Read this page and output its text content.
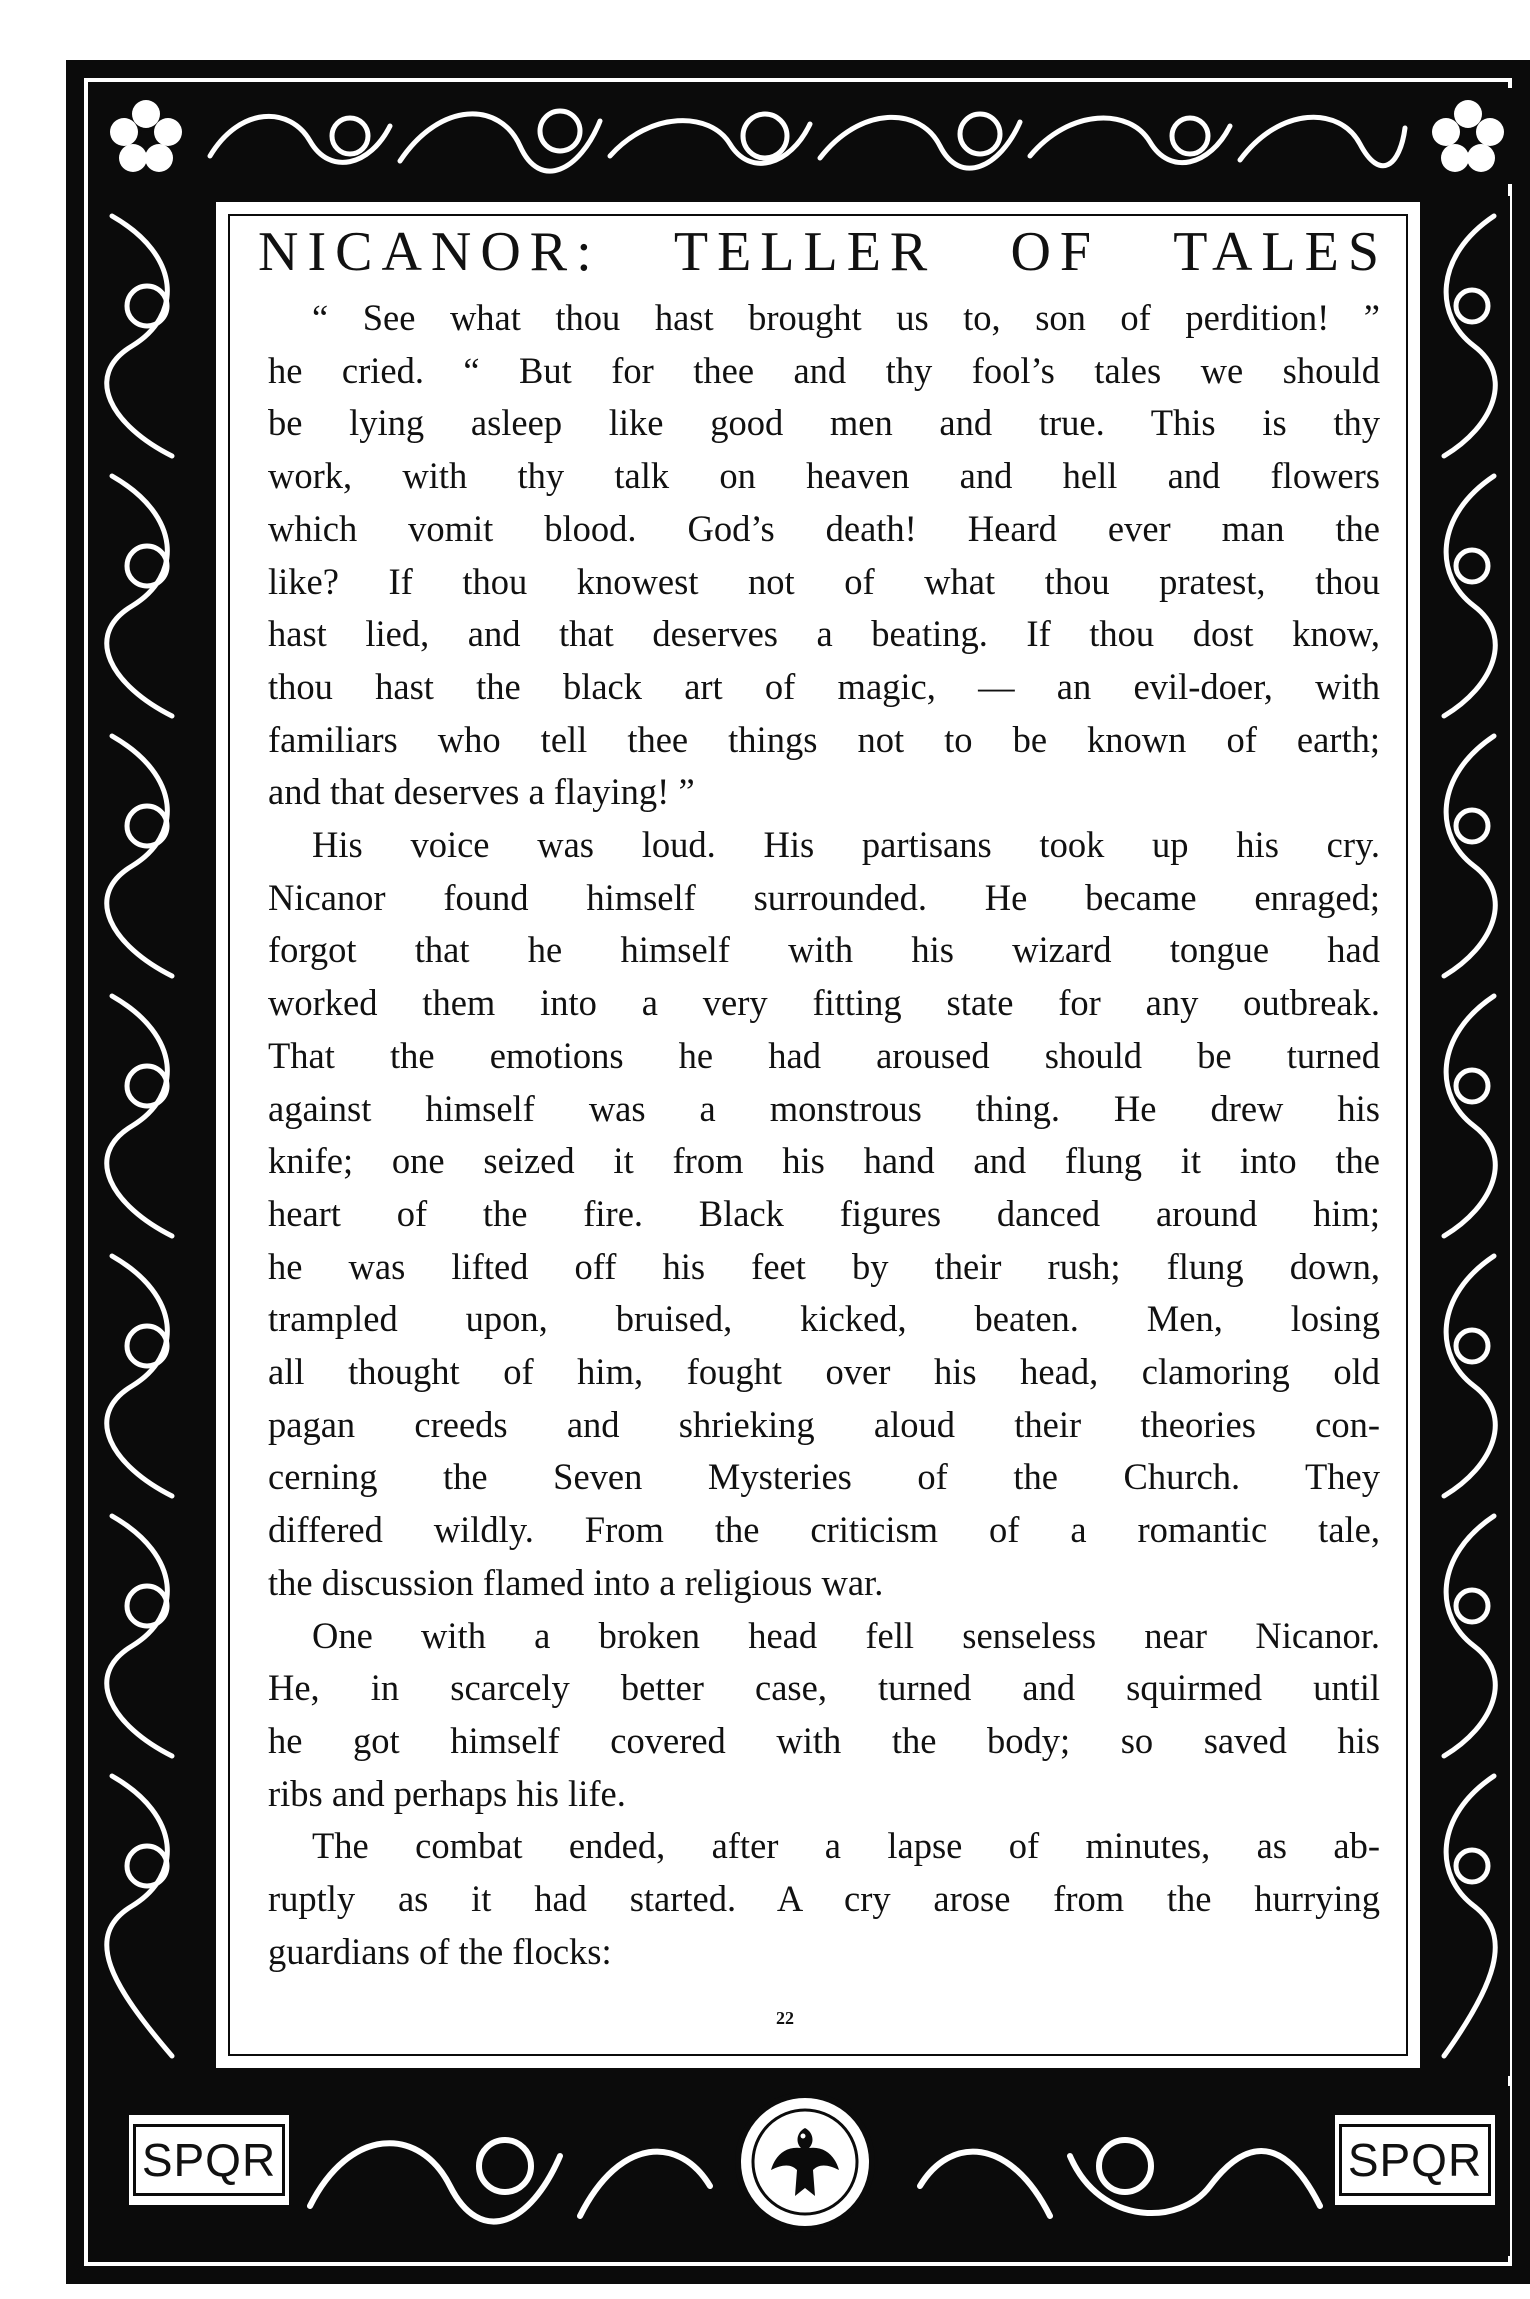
SPQR	SPQR
NICANOR: TELLER OF TALES

“ See what thou hast brought us to, son of perdition! ”
he cried. “ But for thee and thy fool’s tales we should
be lying asleep like good men and true. This is thy
work, with thy talk on heaven and hell and flowers
which vomit blood. God’s death! Heard ever man the
like? If thou knowest not of what thou pratest, thou
hast lied, and that deserves a beating. If thou dost know,
thou hast the black art of magic, — an evil-doer, with
familiars who tell thee things not to be known of earth;
and that deserves a flaying! ”

His voice was loud. His partisans took up his cry.
Nicanor found himself surrounded. He became enraged;
forgot that he himself with his wizard tongue had
worked them into a very fitting state for any outbreak.
That the emotions he had aroused should be turned
against himself was a monstrous thing. He drew his
knife; one seized it from his hand and flung it into the
heart of the fire. Black figures danced around him;
he was lifted off his feet by their rush; flung down,
trampled upon, bruised, kicked, beaten. Men, losing
all thought of him, fought over his head, clamoring old
pagan creeds and shrieking aloud their theories con-
cerning the Seven Mysteries of the Church. They
differed wildly. From the criticism of a romantic tale,
the discussion flamed into a religious war.

One with a broken head fell senseless near Nicanor.
He, in scarcely better case, turned and squirmed until
he got himself covered with the body; so saved his
ribs and perhaps his life.

The combat ended, after a lapse of minutes, as ab-
ruptly as it had started. A cry arose from the hurrying
guardians of the flocks:

22
